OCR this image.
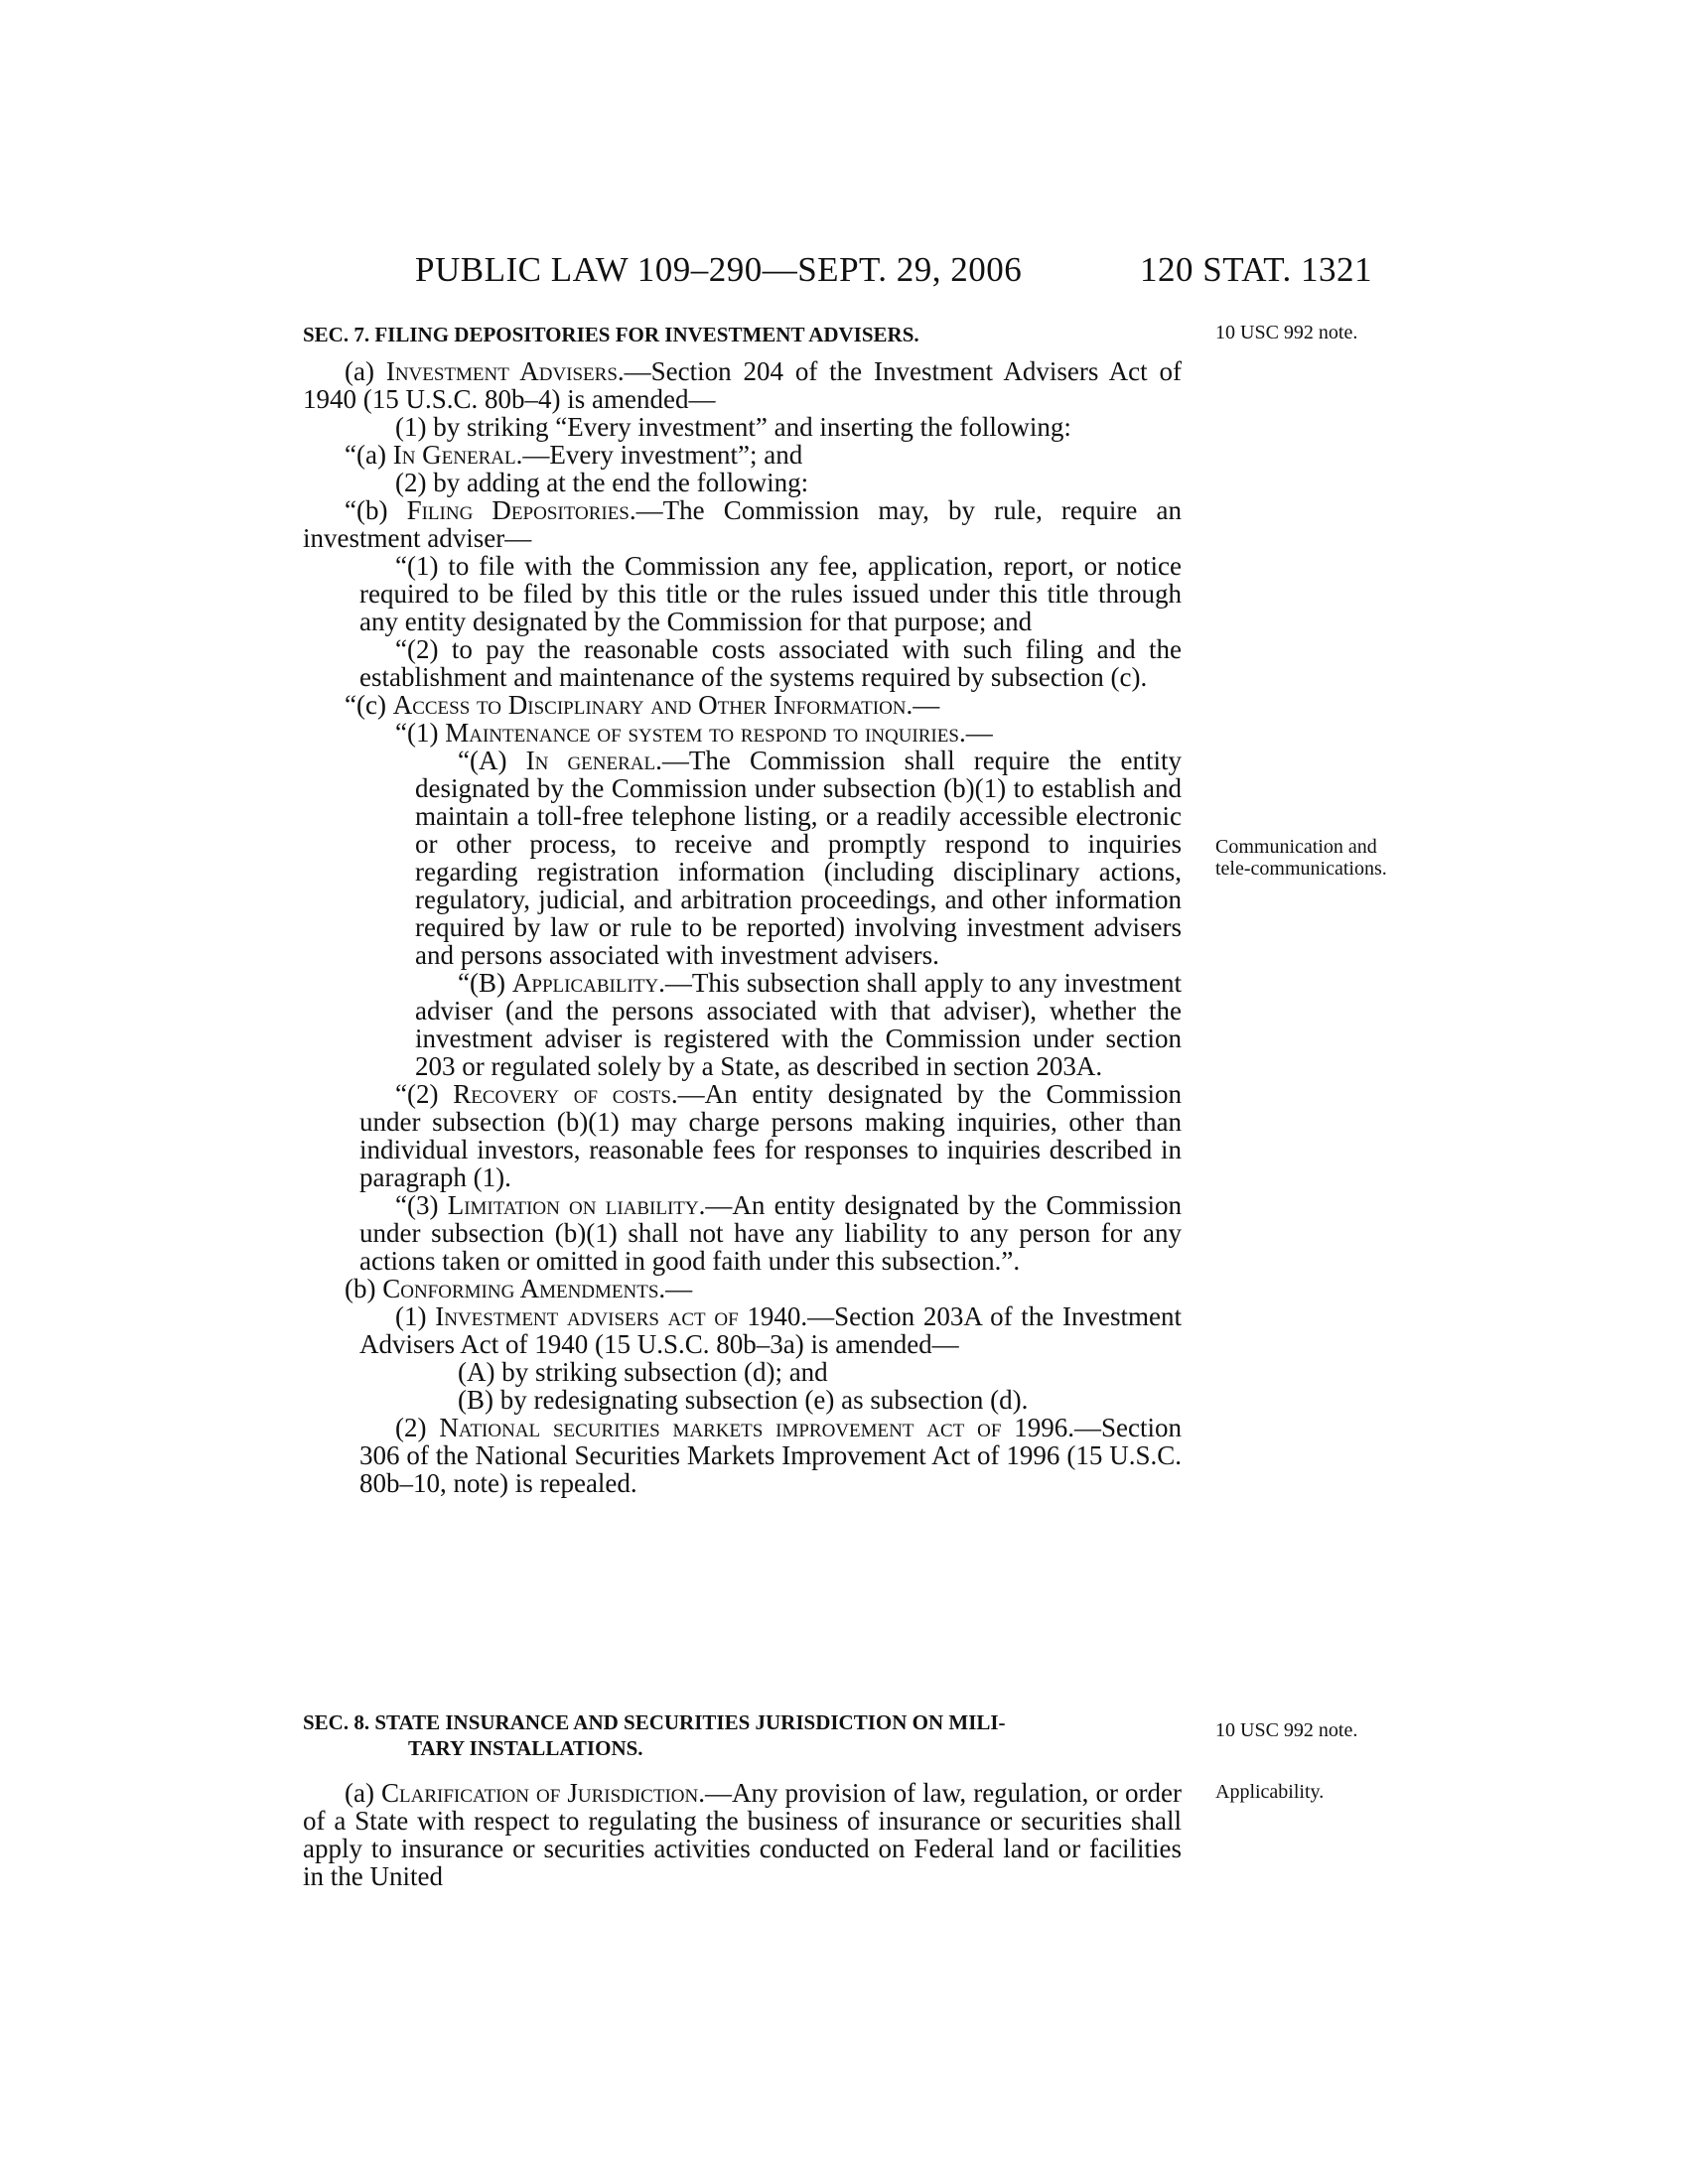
PUBLIC LAW 109–290—SEPT. 29, 2006	120 STAT. 1321
10 USC 992 note.
Communication and tele-communications.
10 USC 992 note.
Applicability.

SEC. 7. FILING DEPOSITORIES FOR INVESTMENT ADVISERS.

(a) Investment Advisers.—Section 204 of the Investment Advisers Act of 1940 (15 U.S.C. 80b–4) is amended—

(1) by striking “Every investment” and inserting the following:

“(a) In General.—Every investment”; and

(2) by adding at the end the following:

“(b) Filing Depositories.—The Commission may, by rule, require an investment adviser—

“(1) to file with the Commission any fee, application, report, or notice required to be filed by this title or the rules issued under this title through any entity designated by the Commission for that purpose; and

“(2) to pay the reasonable costs associated with such filing and the establishment and maintenance of the systems required by subsection (c).

“(c) Access to Disciplinary and Other Information.—

“(1) Maintenance of system to respond to inquiries.—

“(A) In general.—The Commission shall require the entity designated by the Commission under subsection (b)(1) to establish and maintain a toll-free telephone listing, or a readily accessible electronic or other process, to receive and promptly respond to inquiries regarding registration information (including disciplinary actions, regulatory, judicial, and arbitration proceedings, and other information required by law or rule to be reported) involving investment advisers and persons associated with investment advisers.

“(B) Applicability.—This subsection shall apply to any investment adviser (and the persons associated with that adviser), whether the investment adviser is registered with the Commission under section 203 or regulated solely by a State, as described in section 203A.

“(2) Recovery of costs.—An entity designated by the Commission under subsection (b)(1) may charge persons making inquiries, other than individual investors, reasonable fees for responses to inquiries described in paragraph (1).

“(3) Limitation on liability.—An entity designated by the Commission under subsection (b)(1) shall not have any liability to any person for any actions taken or omitted in good faith under this subsection.”.

(b) Conforming Amendments.—

(1) Investment advisers act of 1940.—Section 203A of the Investment Advisers Act of 1940 (15 U.S.C. 80b–3a) is amended—

(A) by striking subsection (d); and

(B) by redesignating subsection (e) as subsection (d).

(2) National securities markets improvement act of 1996.—Section 306 of the National Securities Markets Improvement Act of 1996 (15 U.S.C. 80b–10, note) is repealed.

SEC. 8. STATE INSURANCE AND SECURITIES JURISDICTION ON MILI-

TARY INSTALLATIONS.

(a) Clarification of Jurisdiction.—Any provision of law, regulation, or order of a State with respect to regulating the business of insurance or securities shall apply to insurance or securities activities conducted on Federal land or facilities in the United
